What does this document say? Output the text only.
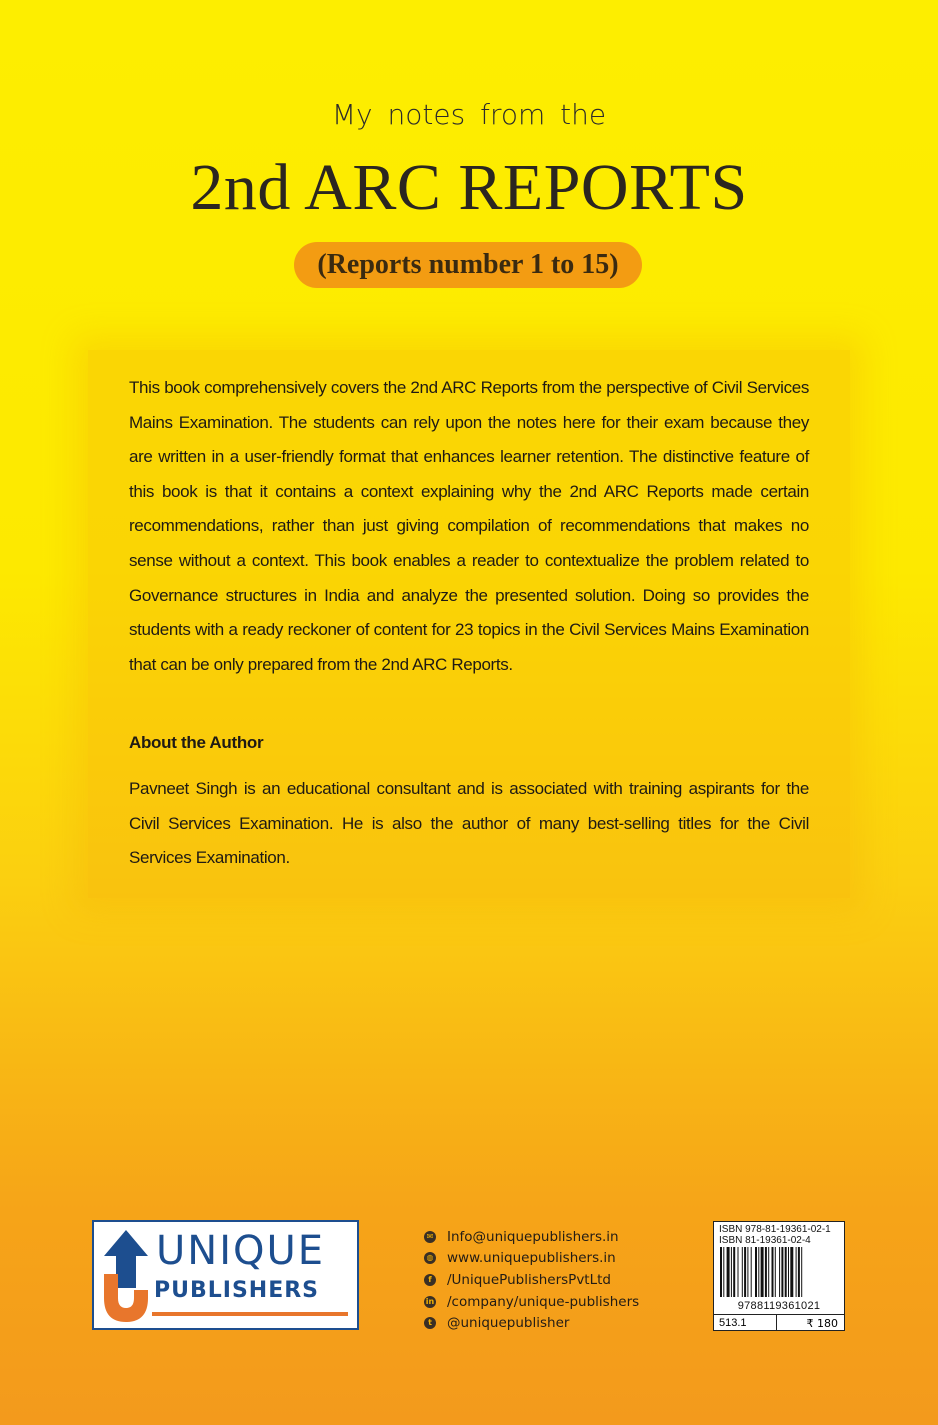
My notes from the
2nd ARC REPORTS
(Reports number 1 to 15)

This book comprehensively covers the 2nd ARC Reports from the perspective of Civil Services Mains Examination. The students can rely upon the notes here for their exam because they are written in a user-friendly format that enhances learner retention. The distinctive feature of this book is that it contains a context explaining why the 2nd ARC Reports made certain recommendations, rather than just giving compilation of recommendations that makes no sense without a context. This book enables a reader to contextualize the problem related to Governance structures in India and analyze the presented solution. Doing so provides the students with a ready reckoner of content for 23 topics in the Civil Services Mains Examination that can be only prepared from the 2nd ARC Reports.

About the Author

Pavneet Singh is an educational consultant and is associated with training aspirants for the Civil Services Examination. He is also the author of many best-selling titles for the Civil Services Examination.

UNIQUE
PUBLISHERS
✉ Info@uniquepublishers.in
◍ www.uniquepublishers.in
f	/UniquePublishersPvtLtd
in /company/unique-publishers
t	@uniquepublisher
ISBN 978-81-19361-02-1
ISBN 81-19361-02-4
9788119361021
513.1	₹ 180
